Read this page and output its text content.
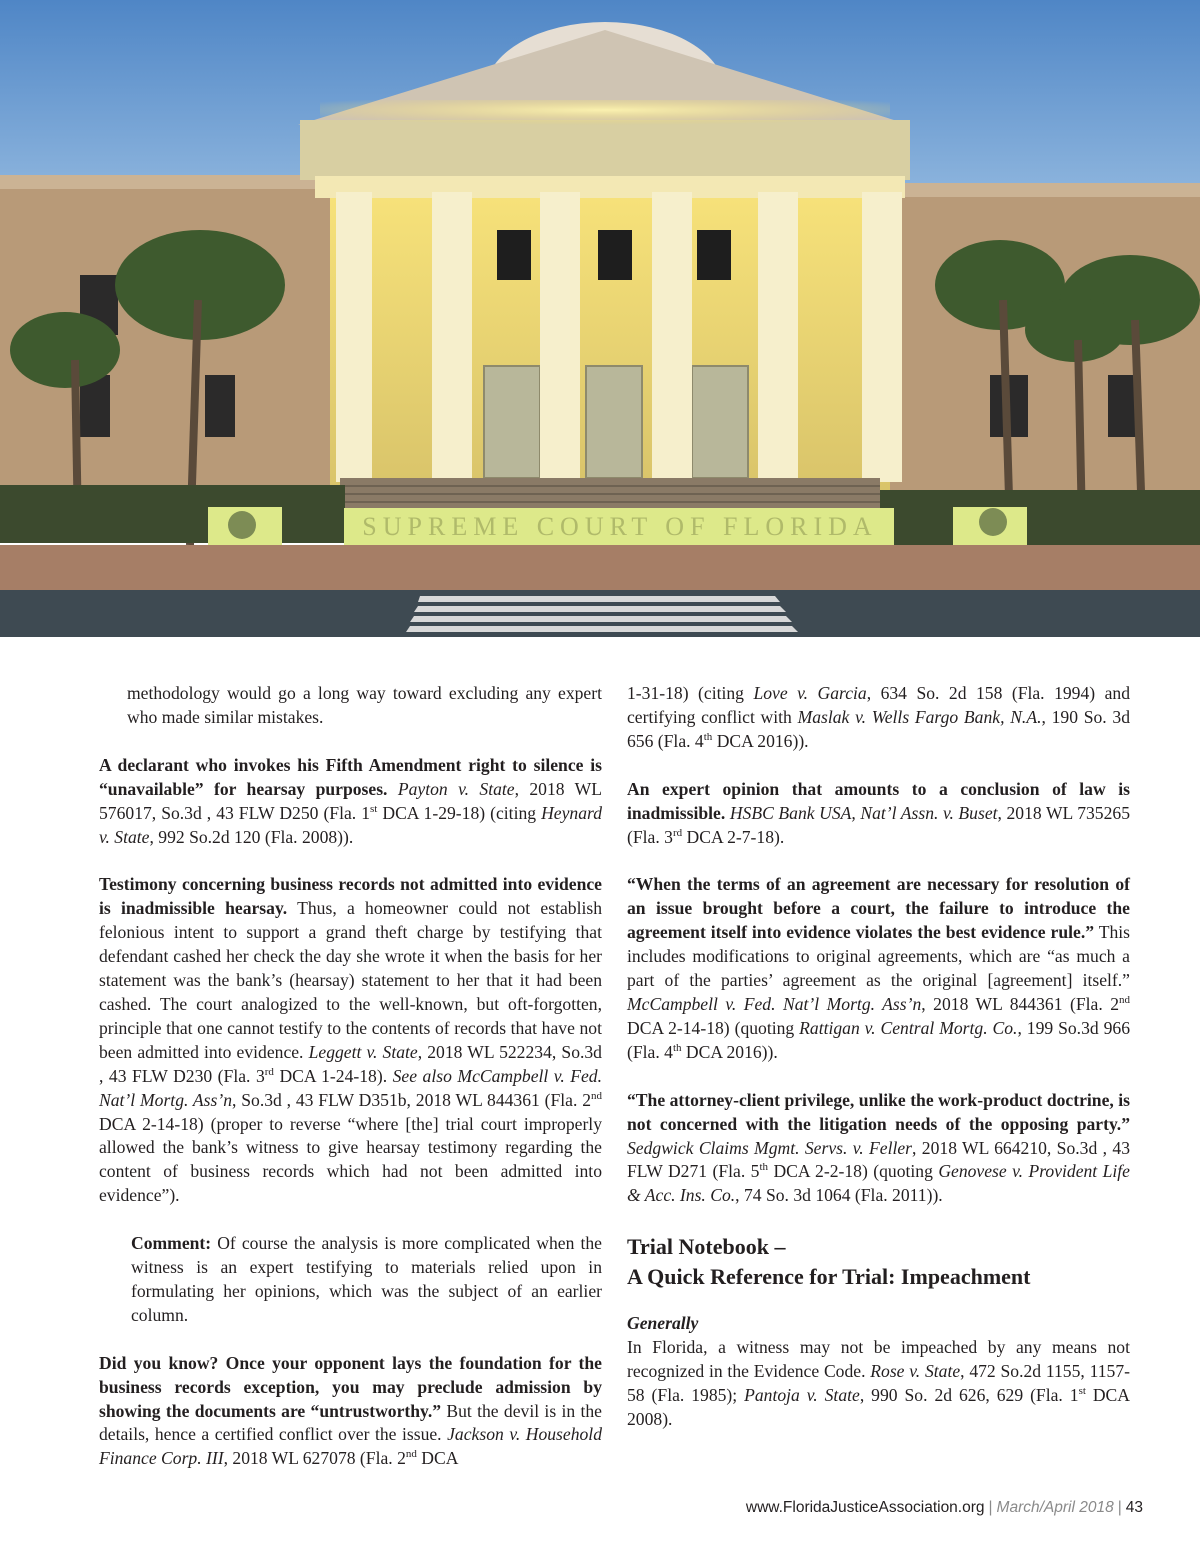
SUPREME COURT OF FLORIDA

methodology would go a long way toward excluding any expert who made similar mistakes.

A declarant who invokes his Fifth Amendment right to silence is “unavailable” for hearsay purposes. Payton v. State, 2018 WL 576017, So.3d , 43 FLW D250 (Fla. 1st DCA 1-29-18) (citing Heynard v. State, 992 So.2d 120 (Fla. 2008)).

Testimony concerning business records not admitted into evidence is inadmissible hearsay. Thus, a homeowner could not establish felonious intent to support a grand theft charge by testifying that defendant cashed her check the day she wrote it when the basis for her statement was the bank’s (hearsay) statement to her that it had been cashed. The court analogized to the well-known, but oft-forgotten, principle that one cannot testify to the contents of records that have not been admitted into evidence. Leggett v. State, 2018 WL 522234, So.3d , 43 FLW D230 (Fla. 3rd DCA 1-24-18). See also McCampbell v. Fed. Nat’l Mortg. Ass’n, So.3d , 43 FLW D351b, 2018 WL 844361 (Fla. 2nd DCA 2-14-18) (proper to reverse “where [the] trial court improperly allowed the bank’s witness to give hearsay testimony regarding the content of business records which had not been admitted into evidence”).

Comment: Of course the analysis is more complicated when the witness is an expert testifying to materials relied upon in formulating her opinions, which was the subject of an earlier column.

Did you know? Once your opponent lays the foundation for the business records exception, you may preclude admission by showing the documents are “untrustworthy.” But the devil is in the details, hence a certified conflict over the issue. Jackson v. Household Finance Corp. III, 2018 WL 627078 (Fla. 2nd DCA

1-31-18) (citing Love v. Garcia, 634 So. 2d 158 (Fla. 1994) and certifying conflict with Maslak v. Wells Fargo Bank, N.A., 190 So. 3d 656 (Fla. 4th DCA 2016)).

An expert opinion that amounts to a conclusion of law is inadmissible. HSBC Bank USA, Nat’l Assn. v. Buset, 2018 WL 735265 (Fla. 3rd DCA 2-7-18).

“When the terms of an agreement are necessary for resolution of an issue brought before a court, the failure to introduce the agreement itself into evidence violates the best evidence rule.” This includes modifications to original agreements, which are “as much a part of the parties’ agreement as the original [agreement] itself.” McCampbell v. Fed. Nat’l Mortg. Ass’n, 2018 WL 844361 (Fla. 2nd DCA 2-14-18) (quoting Rattigan v. Central Mortg. Co., 199 So.3d 966 (Fla. 4th DCA 2016)).

“The attorney-client privilege, unlike the work-product doctrine, is not concerned with the litigation needs of the opposing party.” Sedgwick Claims Mgmt. Servs. v. Feller, 2018 WL 664210, So.3d , 43 FLW D271 (Fla. 5th DCA 2-2-18) (quoting Genovese v. Provident Life & Acc. Ins. Co., 74 So. 3d 1064 (Fla. 2011)).

Trial Notebook –
A Quick Reference for Trial: Impeachment

Generally
In Florida, a witness may not be impeached by any means not recognized in the Evidence Code. Rose v. State, 472 So.2d 1155, 1157-58 (Fla. 1985); Pantoja v. State, 990 So. 2d 626, 629 (Fla. 1st DCA 2008).

www.FloridaJusticeAssociation.org | March/April 2018 | 43
